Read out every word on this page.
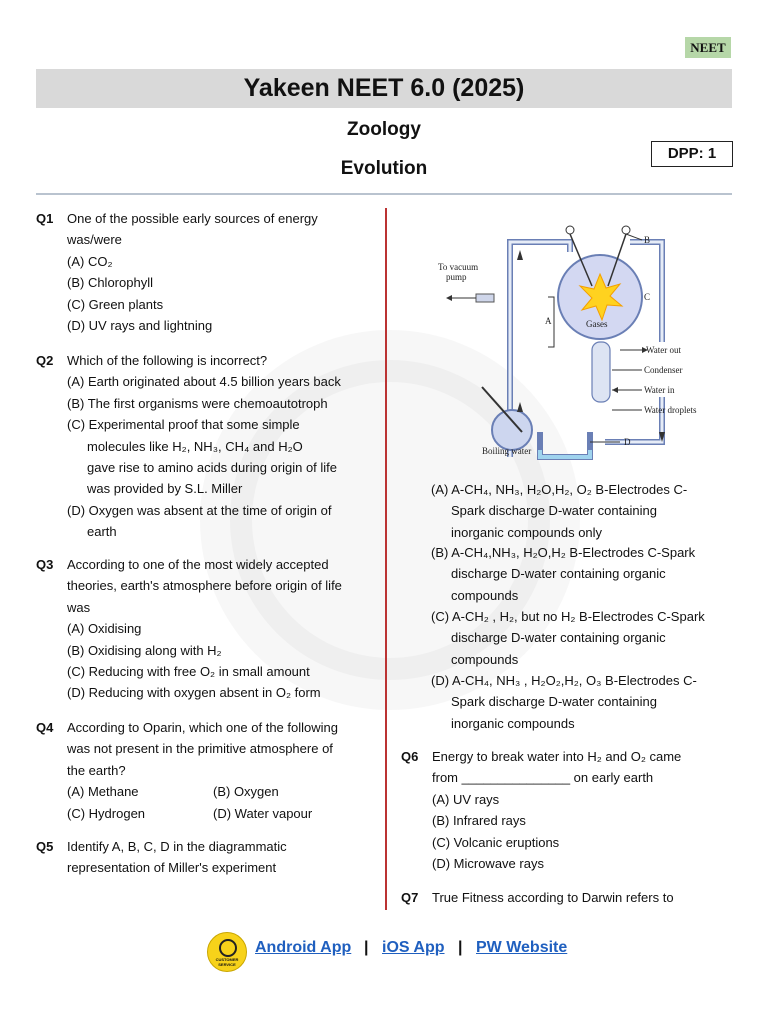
NEET
Yakeen NEET 6.0 (2025)
Zoology
Evolution
DPP: 1
Q1 One of the possible early sources of energy
was/were
(A) CO₂
(B) Chlorophyll
(C) Green plants
(D) UV rays and lightning
Q2 Which of the following is incorrect?
(A) Earth originated about 4.5 billion years back
(B) The first organisms were chemoautotroph
(C) Experimental proof that some simple
molecules like H₂, NH₃, CH₄ and H₂O
gave rise to amino acids during origin of life
was provided by S.L. Miller
(D) Oxygen was absent at the time of origin of
earth
Q3 According to one of the most widely accepted
theories, earth's atmosphere before origin of life
was
(A) Oxidising
(B) Oxidising along with H₂
(C) Reducing with free O₂ in small amount
(D) Reducing with oxygen absent in O₂ form
Q4 According to Oparin, which one of the following
was not present in the primitive atmosphere of
the earth?
(A) Methane	(B) Oxygen
(C) Hydrogen	(D) Water vapour
Q5 Identify A, B, C, D in the diagrammatic
representation of Miller's experiment
To vacuum
pump
B
C
A
D
Gases
Water out
Condenser
Water in
Water droplets
Boiling water
(A) A-CH₄, NH₃, H₂O,H₂, O₂ B-Electrodes C-
Spark discharge D-water containing
inorganic compounds only
(B) A-CH₄,NH₃, H₂O,H₂ B-Electrodes C-Spark
discharge D-water containing organic
compounds
(C) A-CH₂ , H₂, but no H₂ B-Electrodes C-Spark
discharge D-water containing organic
compounds
(D) A-CH₄, NH₃ , H₂O₂,H₂, O₃ B-Electrodes C-
Spark discharge D-water containing
inorganic compounds
Q6 Energy to break water into H₂ and O₂ came
from _______________ on early earth
(A) UV rays
(B) Infrared rays
(C) Volcanic eruptions
(D) Microwave rays
Q7 True Fitness according to Darwin refers to
CUSTOMER SERVICE
Android App | iOS App | PW Website
